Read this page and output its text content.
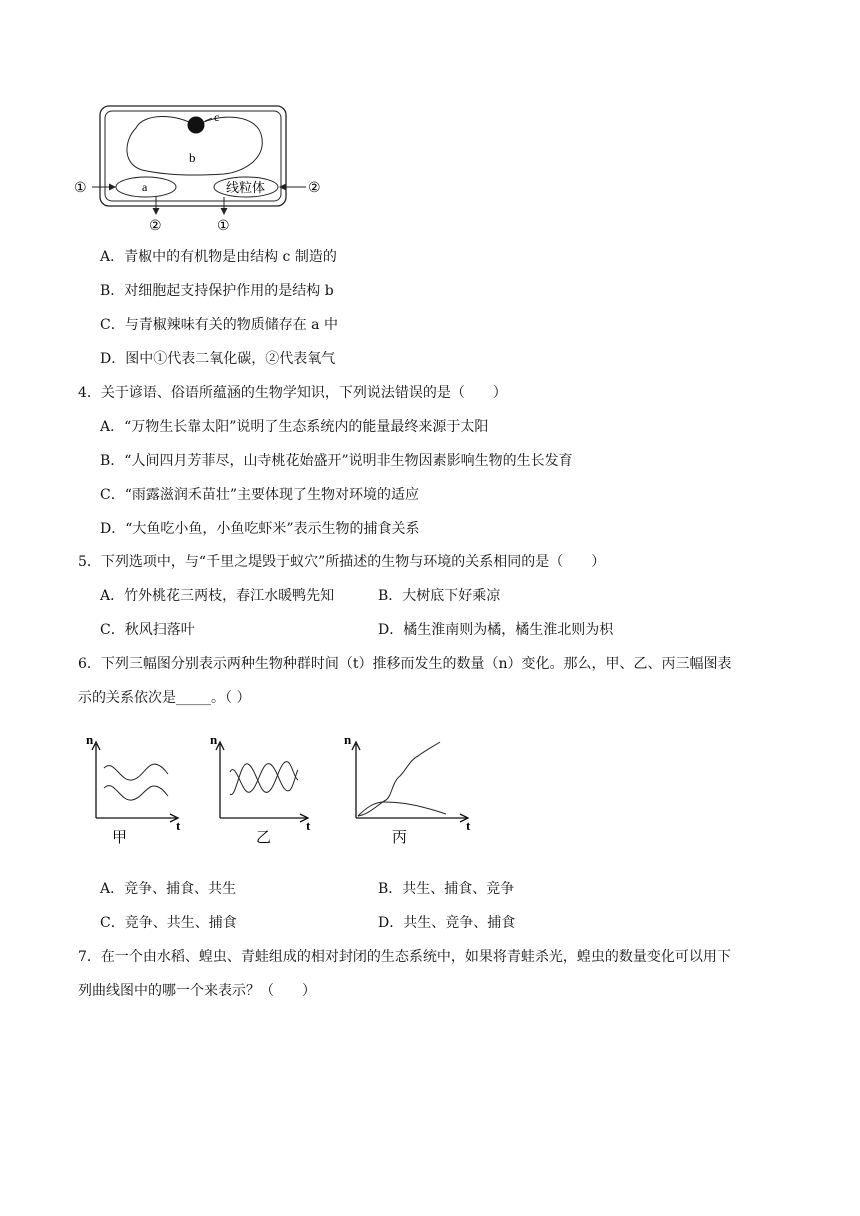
c
b
a	线粒体
①	②
②	①
A．青椒中的有机物是由结构 c 制造的
B．对细胞起支持保护作用的是结构 b
C．与青椒辣味有关的物质储存在 a 中
D．图中①代表二氧化碳，②代表氧气
4．关于谚语、俗语所蕴涵的生物学知识，下列说法错误的是（　　）
A．“万物生长靠太阳”说明了生态系统内的能量最终来源于太阳
B．“人间四月芳菲尽，山寺桃花始盛开”说明非生物因素影响生物的生长发育
C．“雨露滋润禾苗壮”主要体现了生物对环境的适应
D．“大鱼吃小鱼，小鱼吃虾米”表示生物的捕食关系
5．下列选项中，与“千里之堤毁于蚁穴”所描述的生物与环境的关系相同的是（　　）
A．竹外桃花三两枝，春江水暖鸭先知	B．大树底下好乘凉
C．秋风扫落叶	D．橘生淮南则为橘，橘生淮北则为枳
6．下列三幅图分别表示两种生物种群时间（t）推移而发生的数量（n）变化。那么，甲、乙、丙三幅图表
示的关系依次是_____。（ ）
n
t
甲
n
t
乙
n
t
丙
A．竞争、捕食、共生	B．共生、捕食、竞争
C．竞争、共生、捕食	D．共生、竞争、捕食
7．在一个由水稻、蝗虫、青蛙组成的相对封闭的生态系统中，如果将青蛙杀光，蝗虫的数量变化可以用下
列曲线图中的哪一个来表示？（　　）
